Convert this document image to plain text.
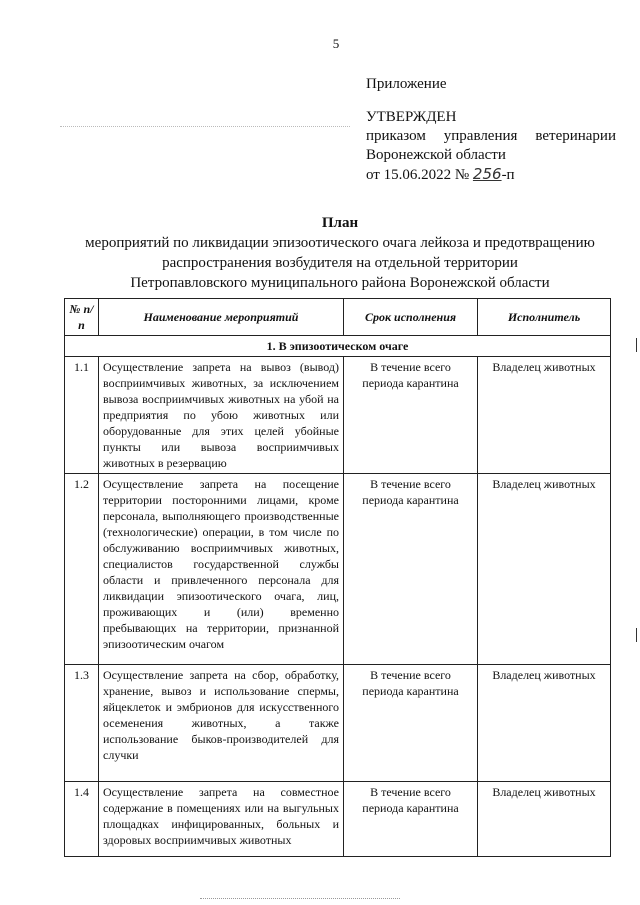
5
Приложение
УТВЕРЖДЕН
приказом управления ветеринарии
Воронежской области
от 15.06.2022 № 256-п
План
мероприятий по ликвидации эпизоотического очага лейкоза и предотвращению
распространения возбудителя на отдельной территории
Петропавловского муниципального района Воронежской области
№ п/п	Наименование мероприятий	Срок исполнения	Исполнитель
1. В эпизоотическом очаге			
1.1	Осуществление запрета на вывоз (вывод) восприимчивых животных, за исключением вывоза восприимчивых животных на убой на предприятия по убою животных или оборудованные для этих целей убойные пункты или вывоза восприимчивых животных в резервацию	В течение всего периода карантина	Владелец животных
1.2	Осуществление запрета на посещение территории посторонними лицами, кроме персонала, выполняющего производственные (технологические) операции, в том числе по обслуживанию восприимчивых животных, специалистов государственной службы области и привлеченного персонала для ликвидации эпизоотического очага, лиц, проживающих и (или) временно пребывающих на территории, признанной эпизоотическим очагом	В течение всего периода карантина	Владелец животных
1.3	Осуществление запрета на сбор, обработку, хранение, вывоз и использование спермы, яйцеклеток и эмбрионов для искусственного осеменения животных, а также использование быков-производителей для случки	В течение всего периода карантина	Владелец животных
1.4	Осуществление запрета на совместное содержание в помещениях или на выгульных площадках инфицированных, больных и здоровых восприимчивых животных	В течение всего периода карантина	Владелец животных
